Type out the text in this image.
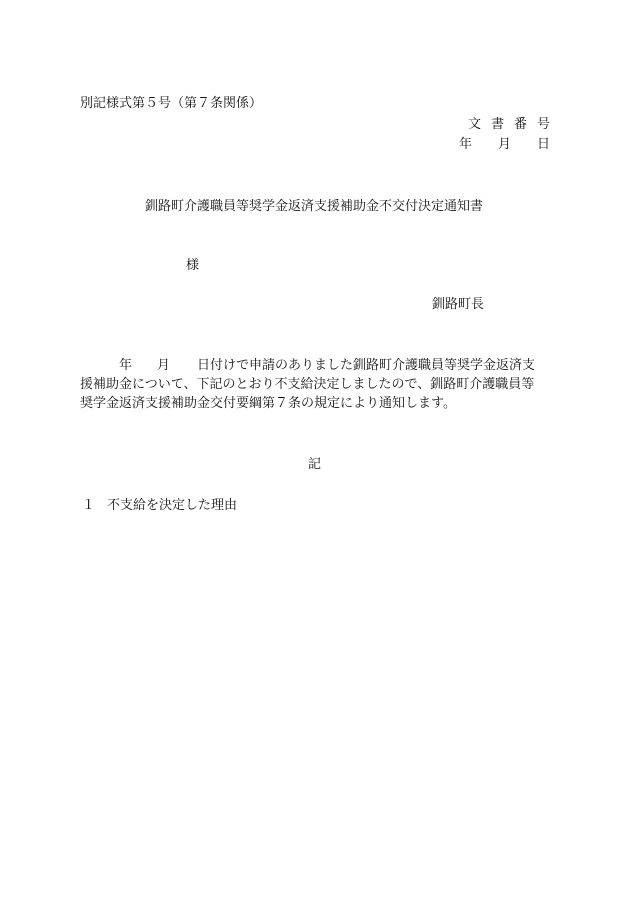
別記様式第５号（第７条関係）
文 書 番 号
年 月 日
釧路町介護職員等奨学金返済支援補助金不交付決定通知書
様
釧路町長
年 月 日付けで申請のありました釧路町介護職員等奨学金返済支
援補助金について、下記のとおり不支給決定しましたので、釧路町介護職員等
奨学金返済支援補助金交付要綱第７条の規定により通知します。
記
１ 不支給を決定した理由
